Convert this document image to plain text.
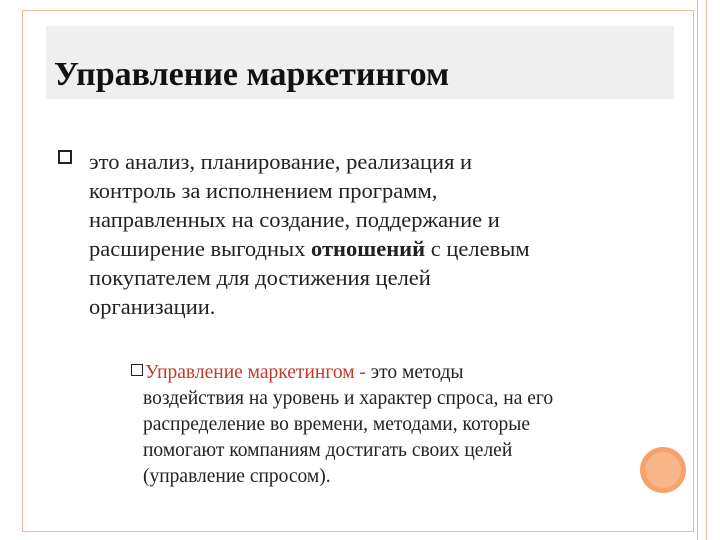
Управление маркетингом

это анализ, планирование, реализация и
контроль за исполнением программ,
направленных на создание, поддержание и
расширение выгодных отношений с целевым
покупателем для достижения целей
организации.

Управление маркетингом - это методы

воздействия на уровень и характер спроса, на его

распределение во времени, методами, которые

помогают компаниям достигать своих целей

(управление спросом).
